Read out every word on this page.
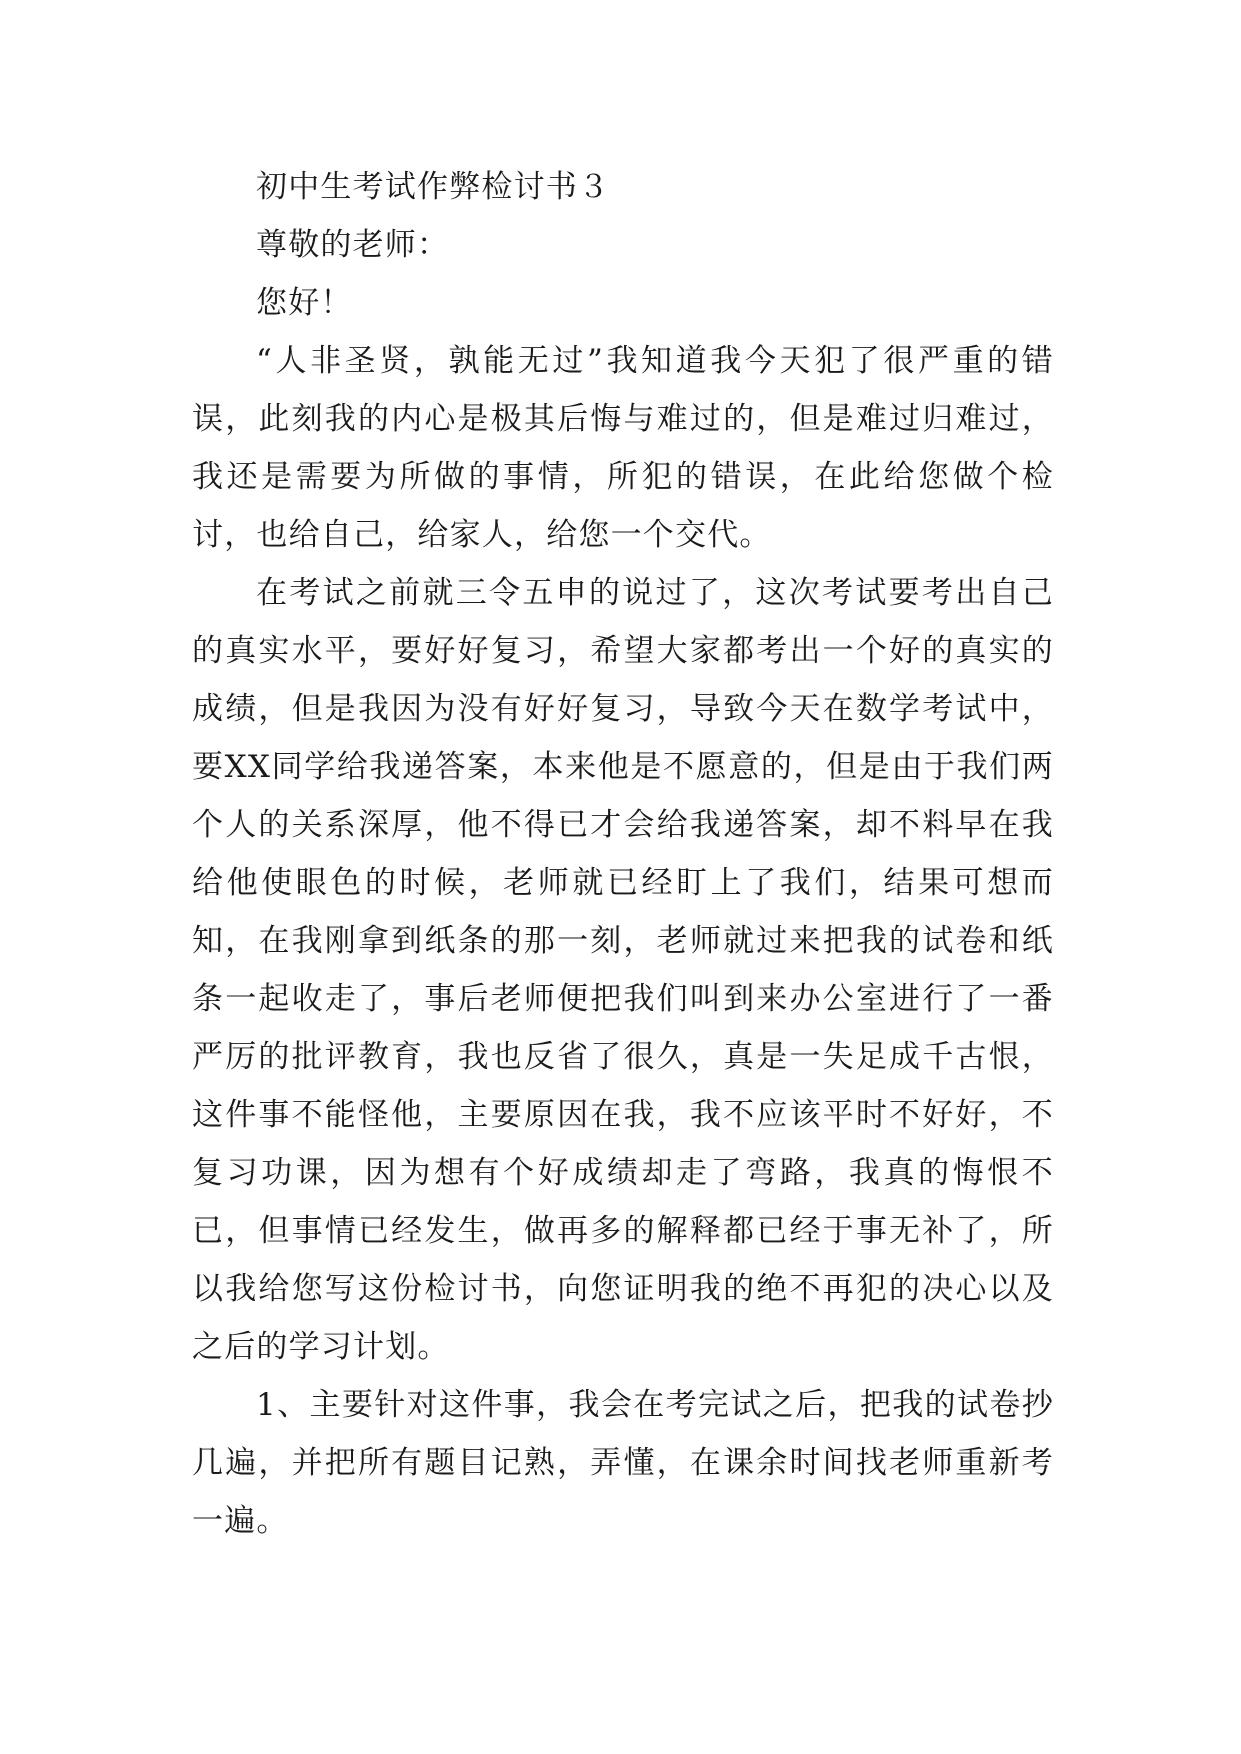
初中生考试作弊检讨书３

尊敬的老师：

您好！

“人非圣贤，孰能无过”我知道我今天犯了很严重的错误，此刻我的内心是极其后悔与难过的，但是难过归难过，我还是需要为所做的事情，所犯的错误，在此给您做个检讨，也给自己，给家人，给您一个交代。

在考试之前就三令五申的说过了，这次考试要考出自己的真实水平，要好好复习，希望大家都考出一个好的真实的成绩，但是我因为没有好好复习，导致今天在数学考试中，要XX同学给我递答案，本来他是不愿意的，但是由于我们两个人的关系深厚，他不得已才会给我递答案，却不料早在我给他使眼色的时候，老师就已经盯上了我们，结果可想而知，在我刚拿到纸条的那一刻，老师就过来把我的试卷和纸条一起收走了，事后老师便把我们叫到来办公室进行了一番严厉的批评教育，我也反省了很久，真是一失足成千古恨，这件事不能怪他，主要原因在我，我不应该平时不好好，不复习功课，因为想有个好成绩却走了弯路，我真的悔恨不已，但事情已经发生，做再多的解释都已经于事无补了，所以我给您写这份检讨书，向您证明我的绝不再犯的决心以及之后的学习计划。

1、主要针对这件事，我会在考完试之后，把我的试卷抄几遍，并把所有题目记熟，弄懂，在课余时间找老师重新考一遍。
